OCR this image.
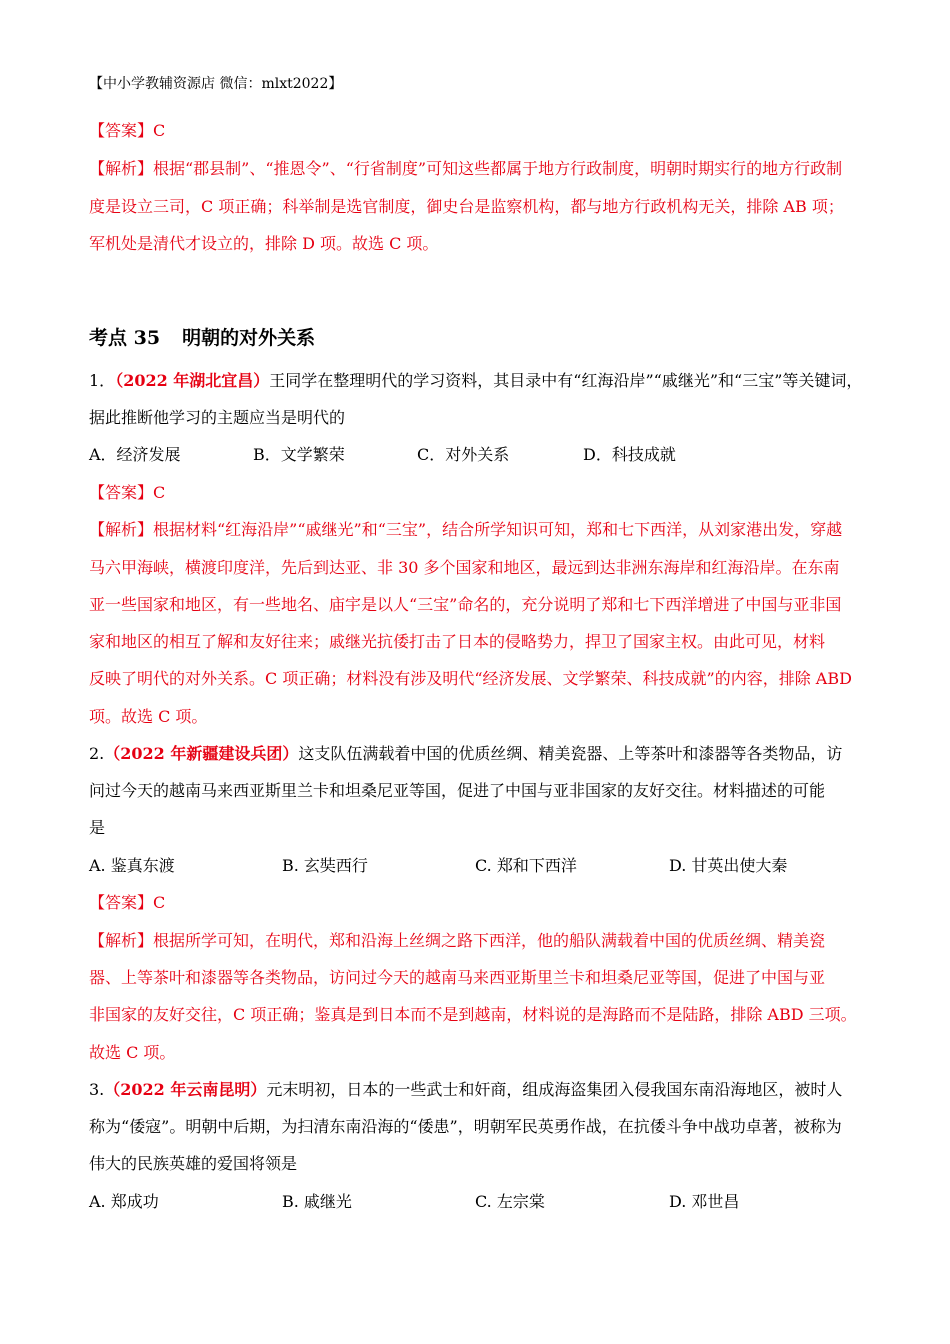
【中小学教辅资源店 微信：mlxt2022】
【答案】C
【解析】根据“郡县制”、“推恩令”、“行省制度”可知这些都属于地方行政制度，明朝时期实行的地方行政制
度是设立三司，C 项正确；科举制是选官制度，御史台是监察机构，都与地方行政机构无关，排除 AB 项；
军机处是清代才设立的，排除 D 项。故选 C 项。
考点 35 明朝的对外关系
1．（2022 年湖北宜昌）王同学在整理明代的学习资料，其目录中有“红海沿岸”“戚继光”和“三宝”等关键词，
据此推断他学习的主题应当是明代的
A．经济发展	B．文学繁荣	C．对外关系	D．科技成就
【答案】C
【解析】根据材料“红海沿岸”“戚继光”和“三宝”，结合所学知识可知，郑和七下西洋，从刘家港出发，穿越
马六甲海峡，横渡印度洋，先后到达亚、非 30 多个国家和地区，最远到达非洲东海岸和红海沿岸。在东南
亚一些国家和地区，有一些地名、庙宇是以人“三宝”命名的，充分说明了郑和七下西洋增进了中国与亚非国
家和地区的相互了解和友好往来；戚继光抗倭打击了日本的侵略势力，捍卫了国家主权。由此可见，材料
反映了明代的对外关系。C 项正确；材料没有涉及明代“经济发展、文学繁荣、科技成就”的内容，排除 ABD
项。故选 C 项。
2.（2022 年新疆建设兵团）这支队伍满载着中国的优质丝绸、精美瓷器、上等茶叶和漆器等各类物品，访
问过今天的越南马来西亚斯里兰卡和坦桑尼亚等国，促进了中国与亚非国家的友好交往。材料描述的可能
是
A. 鉴真东渡	B. 玄奘西行	C. 郑和下西洋	D. 甘英出使大秦
【答案】C
【解析】根据所学可知，在明代，郑和沿海上丝绸之路下西洋，他的船队满载着中国的优质丝绸、精美瓷
器、上等茶叶和漆器等各类物品，访问过今天的越南马来西亚斯里兰卡和坦桑尼亚等国，促进了中国与亚
非国家的友好交往，C 项正确；鉴真是到日本而不是到越南，材料说的是海路而不是陆路，排除 ABD 三项。
故选 C 项。
3.（2022 年云南昆明）元末明初，日本的一些武士和奸商，组成海盗集团入侵我国东南沿海地区，被时人
称为“倭寇”。明朝中后期，为扫清东南沿海的“倭患”，明朝军民英勇作战，在抗倭斗争中战功卓著，被称为
伟大的民族英雄的爱国将领是
A. 郑成功	B. 戚继光	C. 左宗棠	D. 邓世昌
